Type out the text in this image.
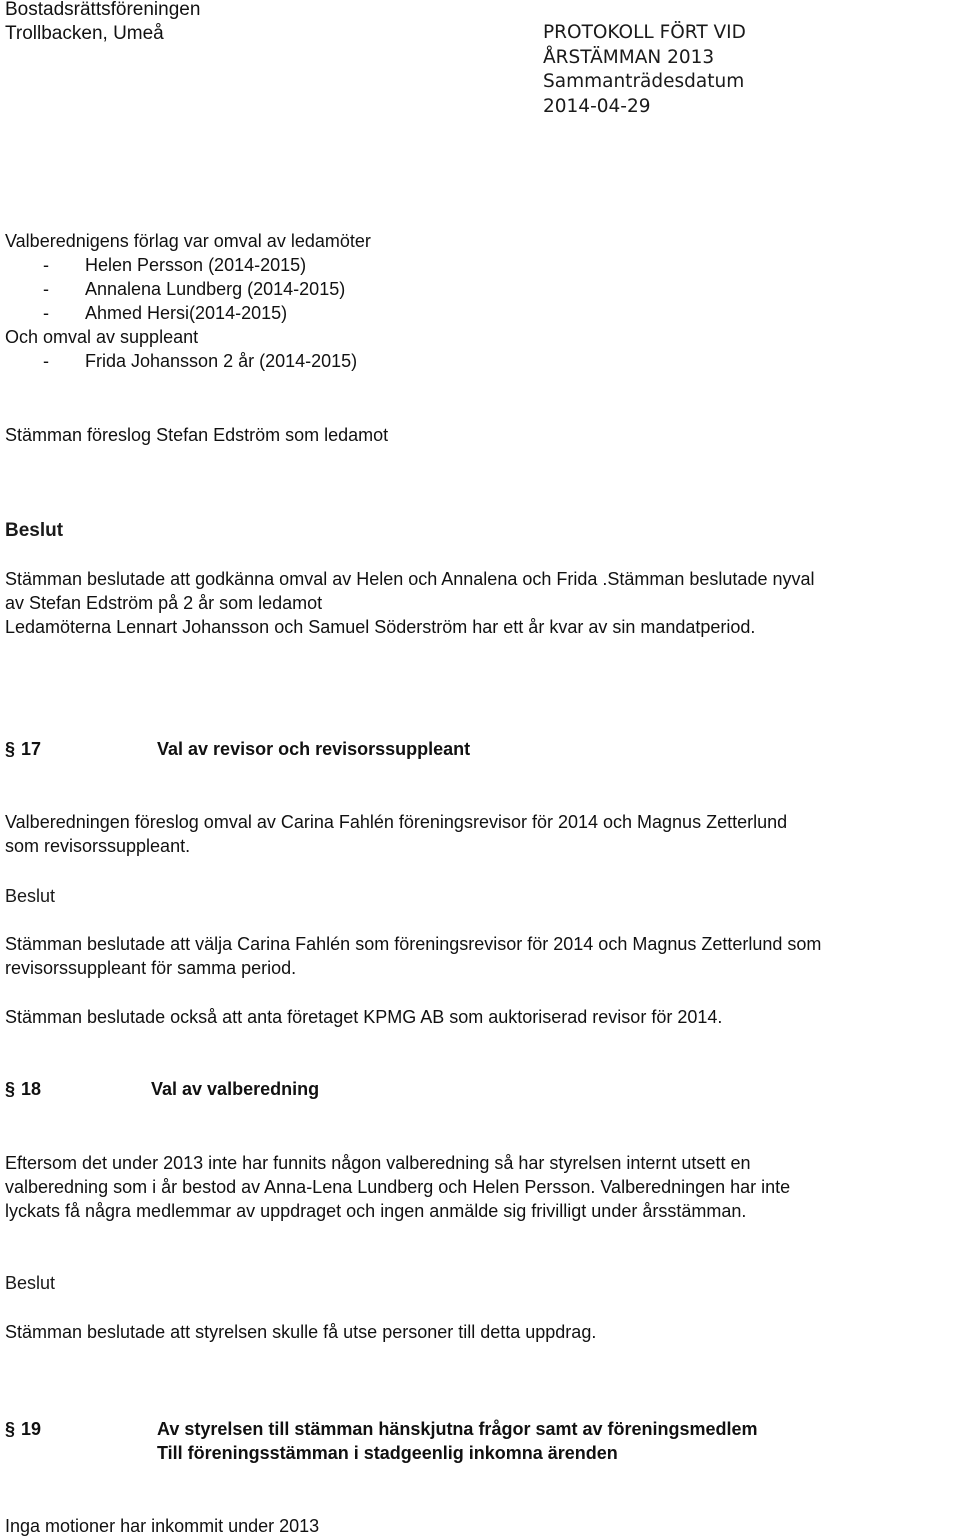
Bostadsrättsföreningen
Trollbacken, Umeå	PROTOKOLL FÖRT VID
ÅRSTÄMMAN 2013
Sammanträdesdatum
2014-04-29
Valberednigens förlag var omval av ledamöter
- Helen Persson (2014-2015)
- Annalena Lundberg (2014-2015)
- Ahmed Hersi(2014-2015)
Och omval av suppleant
- Frida Johansson 2 år (2014-2015)
Stämman föreslog Stefan Edström som ledamot
Beslut
Stämman beslutade att godkänna omval av Helen och Annalena och Frida .Stämman beslutade nyval
av Stefan Edström på 2 år som ledamot
Ledamöterna Lennart Johansson och Samuel Söderström har ett år kvar av sin mandatperiod.
§ 17	Val av revisor och revisorssuppleant
Valberedningen föreslog omval av Carina Fahlén föreningsrevisor för 2014 och Magnus Zetterlund
som revisorssuppleant.
Beslut
Stämman beslutade att välja Carina Fahlén som föreningsrevisor för 2014 och Magnus Zetterlund som
revisorssuppleant för samma period.
Stämman beslutade också att anta företaget KPMG AB som auktoriserad revisor för 2014.
§ 18	Val av valberedning
Eftersom det under 2013 inte har funnits någon valberedning så har styrelsen internt utsett en
valberedning som i år bestod av Anna-Lena Lundberg och Helen Persson. Valberedningen har inte
lyckats få några medlemmar av uppdraget och ingen anmälde sig frivilligt under årsstämman.
Beslut
Stämman beslutade att styrelsen skulle få utse personer till detta uppdrag.
§ 19	Av styrelsen till stämman hänskjutna frågor samt av föreningsmedlem
Till föreningsstämman i stadgeenlig inkomna ärenden
Inga motioner har inkommit under 2013
